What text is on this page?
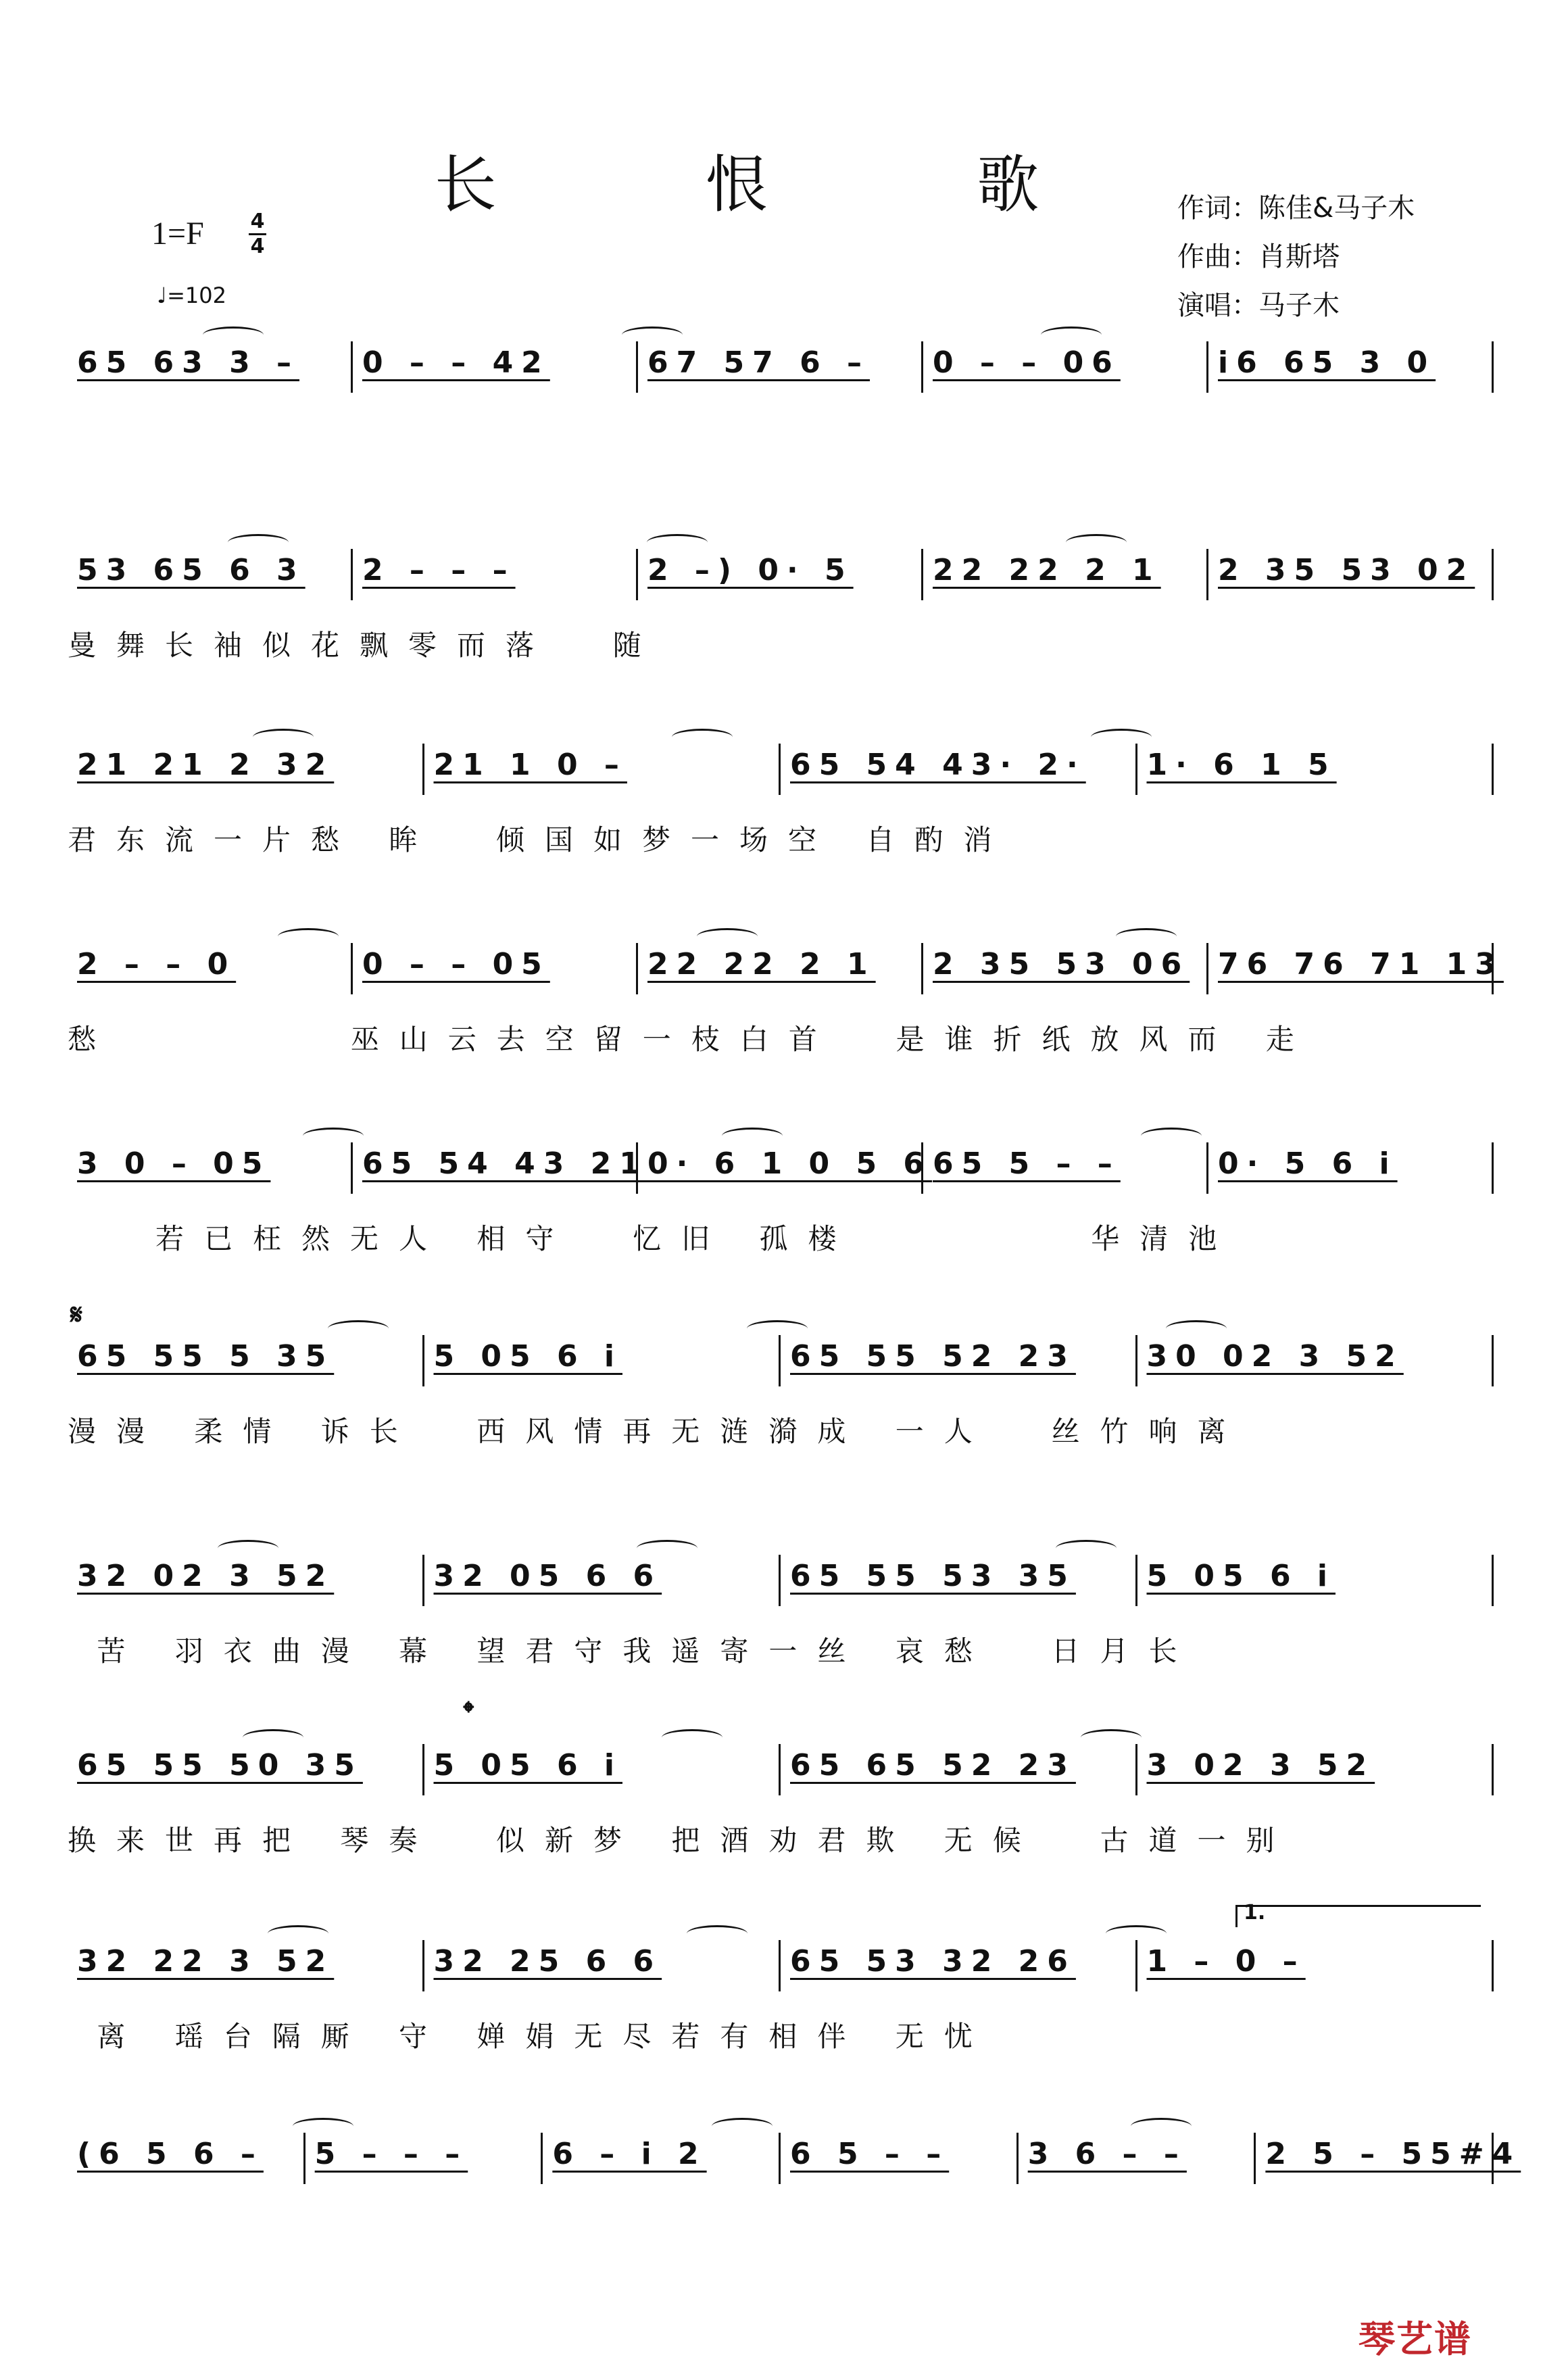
长 恨 歌	作词：陈佳&马子木
作曲：肖斯塔
演唱：马子木
1=F 4
4
♩=102
65 63 3 –	0 – – 42	67 57 6 –	0 – – 06	i6 65 3 0
53 65 6 3	2 – – –	2 –) 0· 5	22 22 2 1	2 35 53 02
曼舞长袖似花飘零而落  随
21 21 2 32	21 1 0 –	65 54 43· 2·	1· 6 1 5
君东流一片愁 眸  倾国如梦一场空 自酌消
2 – – 0	0 – – 05	22 22 2 1	2 35 53 06 76 76 71 13
愁        巫山云去空留一枝白首  是谁折纸放风而 走
3 0 – 05	65 54 43 21 0· 6 1 0 5 6 65 5 – –	0· 5 6 i
若已枉然无人 相守  忆旧 孤楼        华清池
65 55 5 35	5 05 6 i	65 55 52 23	30 02 3 52
漫漫 柔情 诉长  西风情再无涟漪成 一人  丝竹响离
32 02 3 52	32 05 6 6	65 55 53 35	5 05 6 i
苦 羽衣曲漫 幕 望君守我遥寄一丝 哀愁  日月长
65 55 50 35	5 05 6 i	65 65 52 23	3 02 3 52
换来世再把 琴奏  似新梦 把酒劝君欺 无候  古道一别
32 22 3 52	32 25 6 6	65 53 32 26	1 – 0 –
离 瑶台隔厮 守 婵娟无尽若有相伴 无忧
(6 5 6 –	5 – – –	6 – i 2	6 5 – –	3 6 – –	2 5 – 55#4
𝄋
𝄌
1.
琴艺谱
